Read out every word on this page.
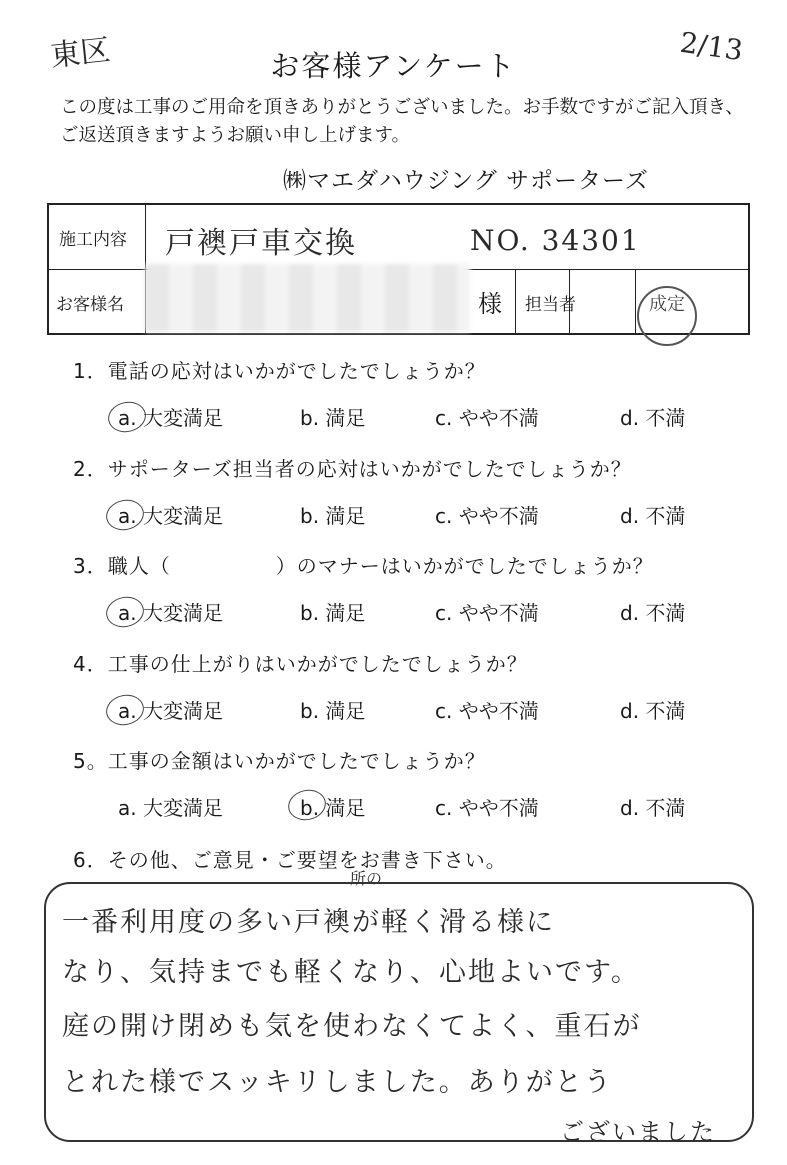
東区	2/13
お客様アンケート
この度は工事のご用命を頂きありがとうございました。お手数ですがご記入頂き、ご返送頂きますようお願い申し上げます。
㈱マエダハウジング サポーターズ
施工内容 戸襖戸車交換	NO. 34301
お客様名	様 担当者	成定
1．電話の応対はいかがでしたでしょうか？
a. 大変満足	b. 満足	c. やや不満	d. 不満
2．サポーターズ担当者の応対はいかがでしたでしょうか？
a. 大変満足	b. 満足	c. やや不満	d. 不満
3．職人（　　　　　）のマナーはいかがでしたでしょうか？
a. 大変満足	b. 満足	c. やや不満	d. 不満
4．工事の仕上がりはいかがでしたでしょうか？
a. 大変満足	b. 満足	c. やや不満	d. 不満
5。工事の金額はいかがでしたでしょうか？
a. 大変満足	b. 満足	c. やや不満	d. 不満
6．その他、ご意見・ご要望をお書き下さい。
所の
一番利用度の多い戸襖が軽く滑る様に
なり、気持までも軽くなり、心地よいです。
庭の開け閉めも気を使わなくてよく、重石が
とれた様でスッキリしました。ありがとう
ございました
